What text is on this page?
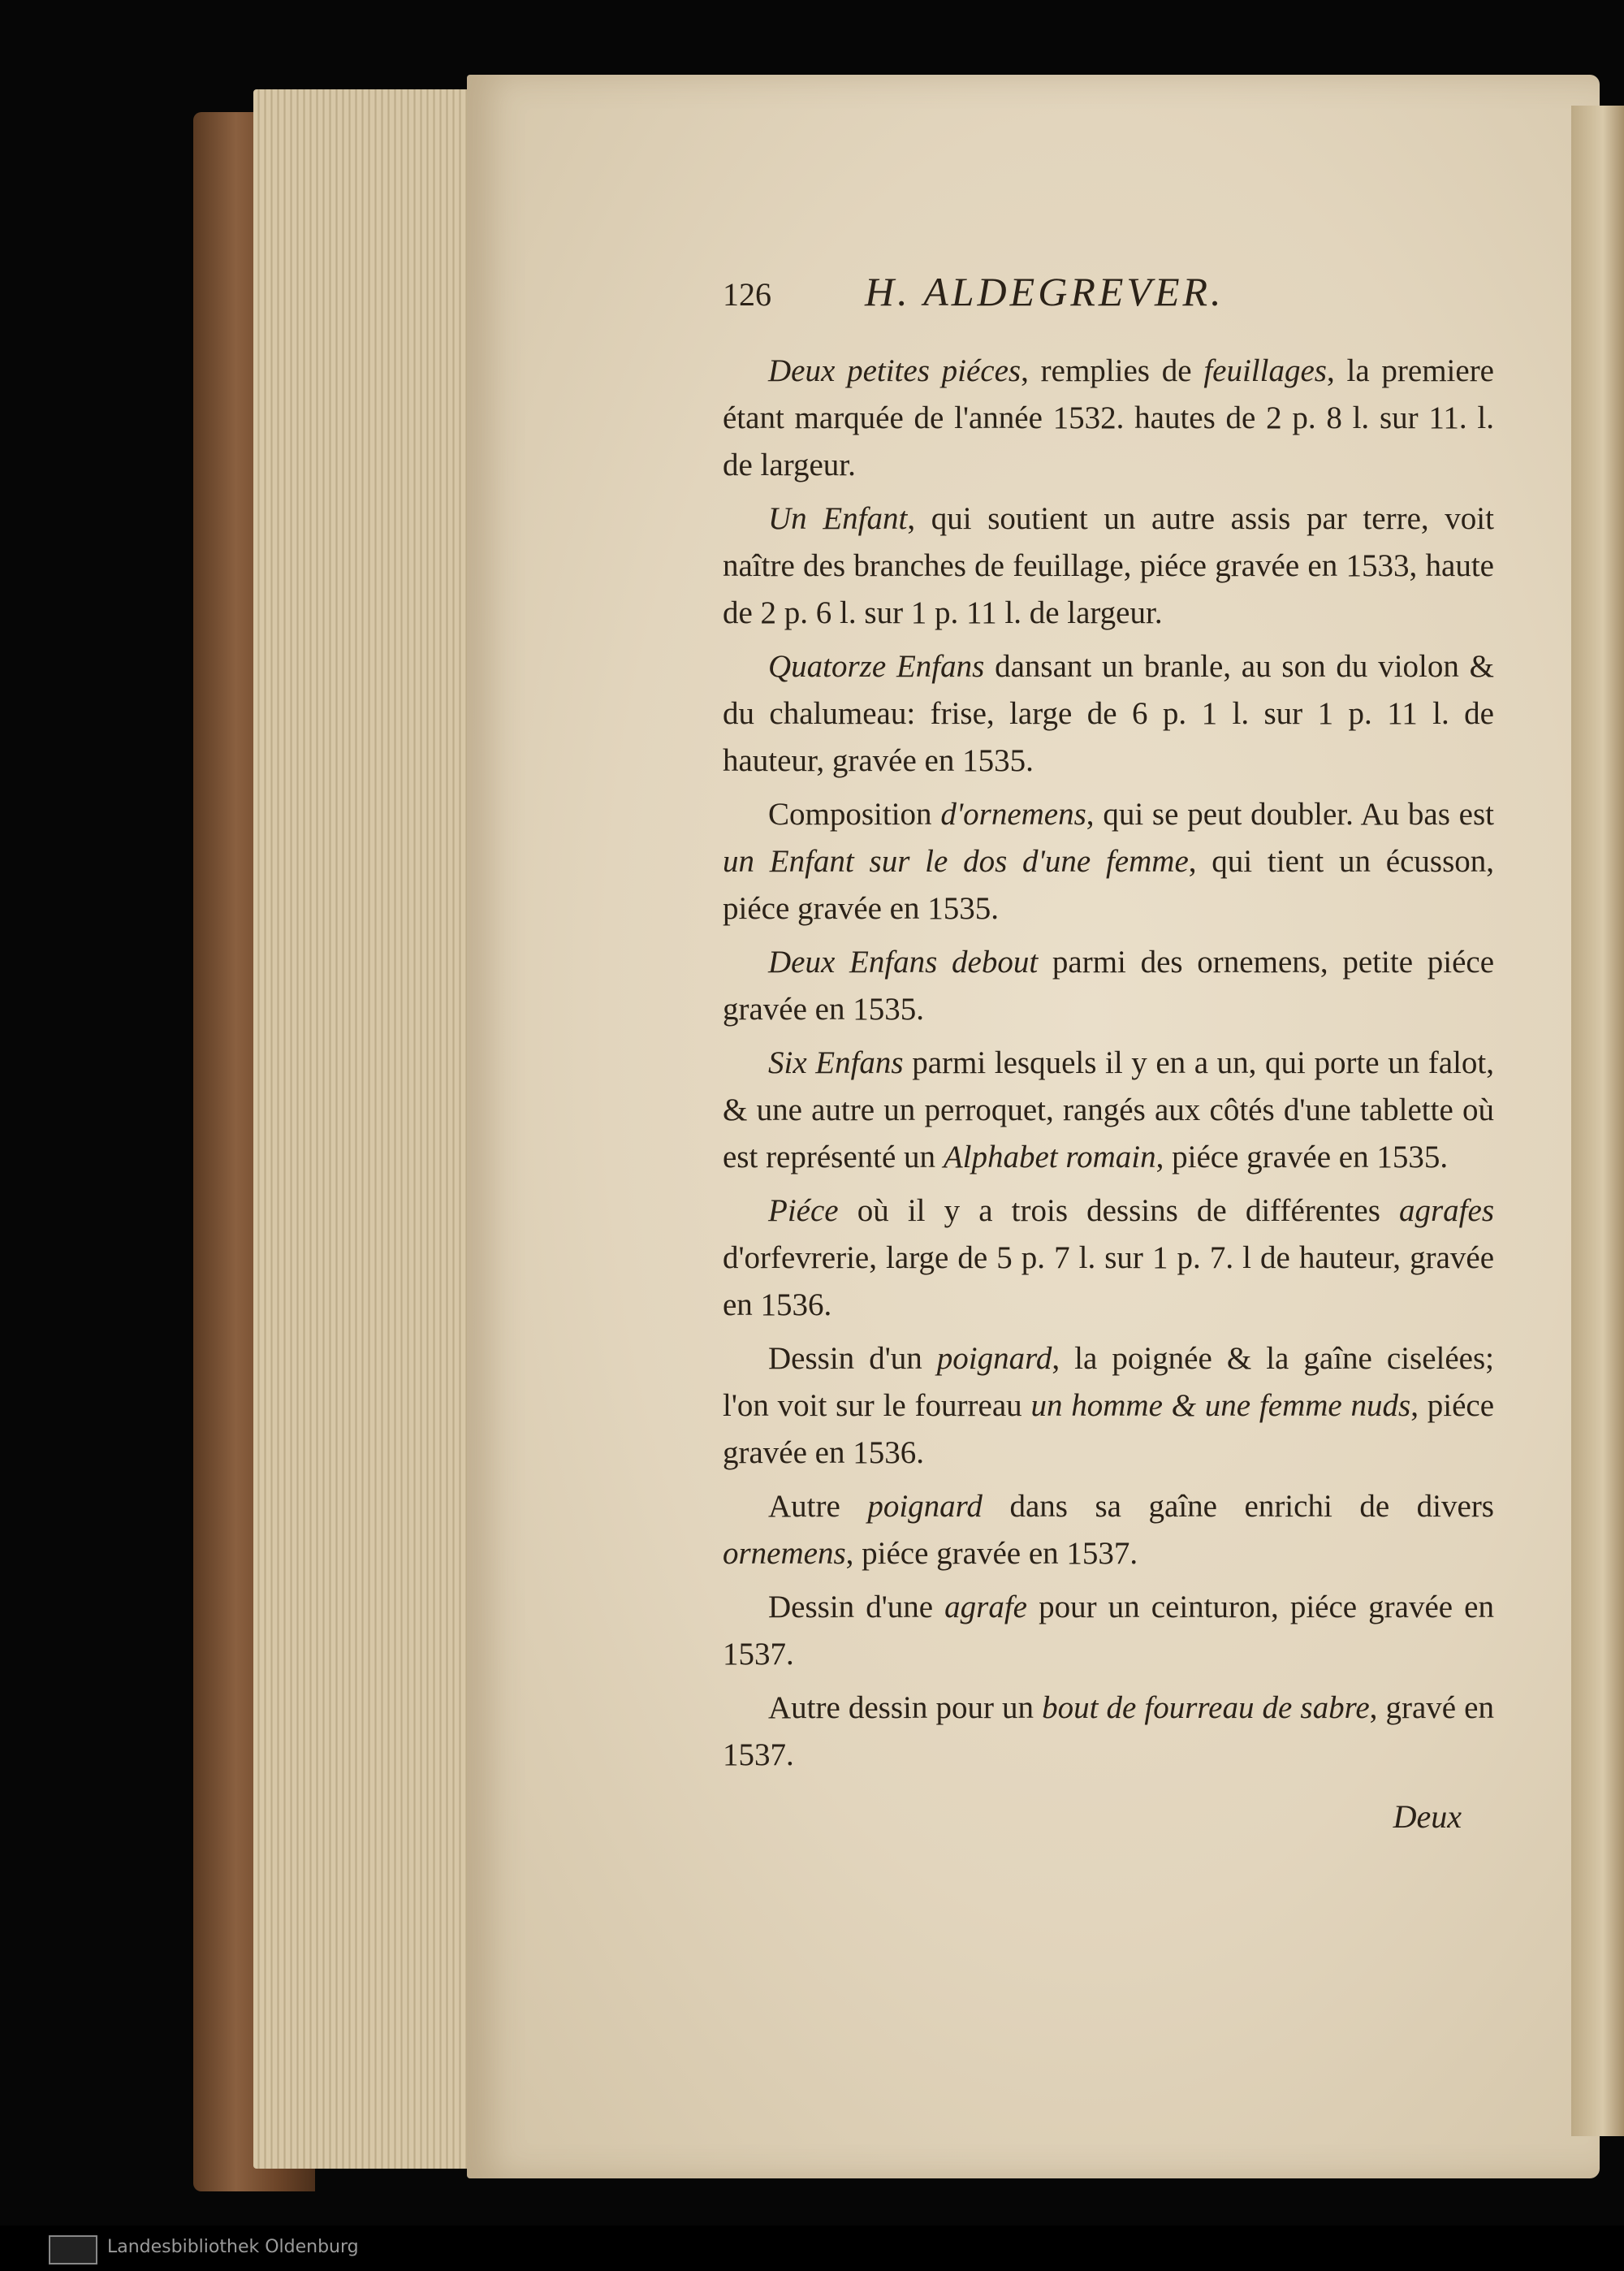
126	H. ALDEGREVER.

Deux petites piéces, remplies de feuillages, la premiere étant marquée de l'année 1532. hautes de 2 p. 8 l. sur 11. l. de largeur.

Un Enfant, qui soutient un autre assis par terre, voit naître des branches de feuillage, piéce gravée en 1533, haute de 2 p. 6 l. sur 1 p. 11 l. de largeur.

Quatorze Enfans dansant un branle, au son du violon & du chalumeau: frise, large de 6 p. 1 l. sur 1 p. 11 l. de hauteur, gravée en 1535.

Composition d'ornemens, qui se peut doubler. Au bas est un Enfant sur le dos d'une femme, qui tient un écusson, piéce gravée en 1535.

Deux Enfans debout parmi des ornemens, petite piéce gravée en 1535.

Six Enfans parmi lesquels il y en a un, qui porte un falot, & une autre un perroquet, rangés aux côtés d'une tablette où est représenté un Alphabet romain, piéce gravée en 1535.

Piéce où il y a trois dessins de différentes agrafes d'orfevrerie, large de 5 p. 7 l. sur 1 p. 7. l de hauteur, gravée en 1536.

Dessin d'un poignard, la poignée & la gaîne ciselées; l'on voit sur le fourreau un homme & une femme nuds, piéce gravée en 1536.

Autre poignard dans sa gaîne enrichi de divers ornemens, piéce gravée en 1537.

Dessin d'une agrafe pour un ceinturon, piéce gravée en 1537.

Autre dessin pour un bout de fourreau de sabre, gravé en 1537.

Deux
Landesbibliothek Oldenburg
